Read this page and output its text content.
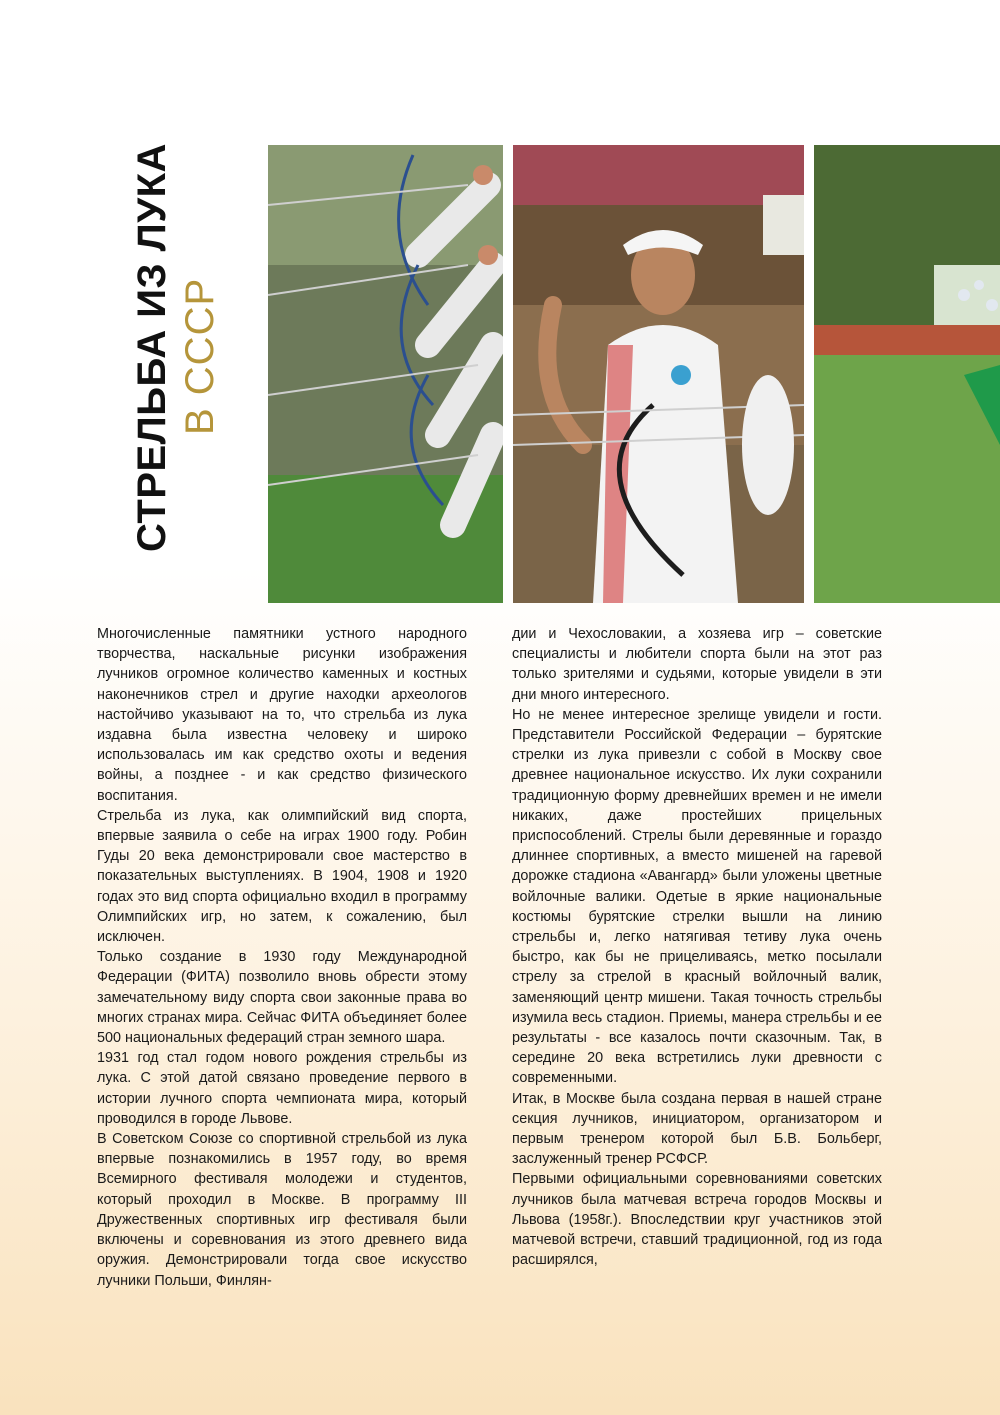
СТРЕЛЬБА ИЗ ЛУКА В СССР

Многочисленные памятники устного народного творчества, наскальные рисунки изображения лучников огромное количество каменных и костных наконечников стрел и другие находки археологов настойчиво указывают на то, что стрельба из лука издавна была известна человеку и широко использовалась им как средство охоты и ведения войны, а позднее - и как средство физического воспитания.

Стрельба из лука, как олимпийский вид спорта, впервые заявила о себе на играх 1900 году. Робин Гуды 20 века демонстрировали свое мастерство в показательных выступлениях. В 1904, 1908 и 1920 годах это вид спорта официально входил в программу Олимпийских игр, но затем, к сожалению, был исключен.

Только создание в 1930 году Международной Федерации (ФИТА) позволило вновь обрести этому замечательному виду спорта свои законные права во многих странах мира. Сейчас ФИТА объединяет более 500 национальных федераций стран земного шара.

1931 год стал годом нового рождения стрельбы из лука. С этой датой связано проведение первого в истории лучного спорта чемпионата мира, который проводился в городе Львове.

В Советском Союзе со спортивной стрельбой из лука впервые познакомились в 1957 году, во время Всемирного фестиваля молодежи и студентов, который проходил в Москве. В программу III Дружественных спортивных игр фестиваля были включены и соревнования из этого древнего вида оружия. Демонстрировали тогда свое искусство лучники Польши, Финлян-

дии и Чехословакии, а хозяева игр – советские специалисты и любители спорта были на этот раз только зрителями и судьями, которые увидели в эти дни много интересного.

Но не менее интересное зрелище увидели и гости. Представители Российской Федерации – бурятские стрелки из лука привезли с собой в Москву свое древнее национальное искусство. Их луки сохранили традиционную форму древнейших времен и не имели никаких, даже простейших прицельных приспособлений. Стрелы были деревянные и гораздо длиннее спортивных, а вместо мишеней на гаревой дорожке стадиона «Авангард» были уложены цветные войлочные валики. Одетые в яркие национальные костюмы бурятские стрелки вышли на линию стрельбы и, легко натягивая тетиву лука очень быстро, как бы не прицеливаясь, метко посылали стрелу за стрелой в красный войлочный валик, заменяющий центр мишени. Такая точность стрельбы изумила весь стадион. Приемы, манера стрельбы и ее результаты - все казалось почти сказочным. Так, в середине 20 века встретились луки древности с современными.

Итак, в Москве была создана первая в нашей стране секция лучников, инициатором, организатором и первым тренером которой был Б.В. Больберг, заслуженный тренер РСФСР.

Первыми официальными соревнованиями советских лучников была матчевая встреча городов Москвы и Львова (1958г.). Впоследствии круг участников этой матчевой встречи, ставший традиционной, год из года расширялся,
